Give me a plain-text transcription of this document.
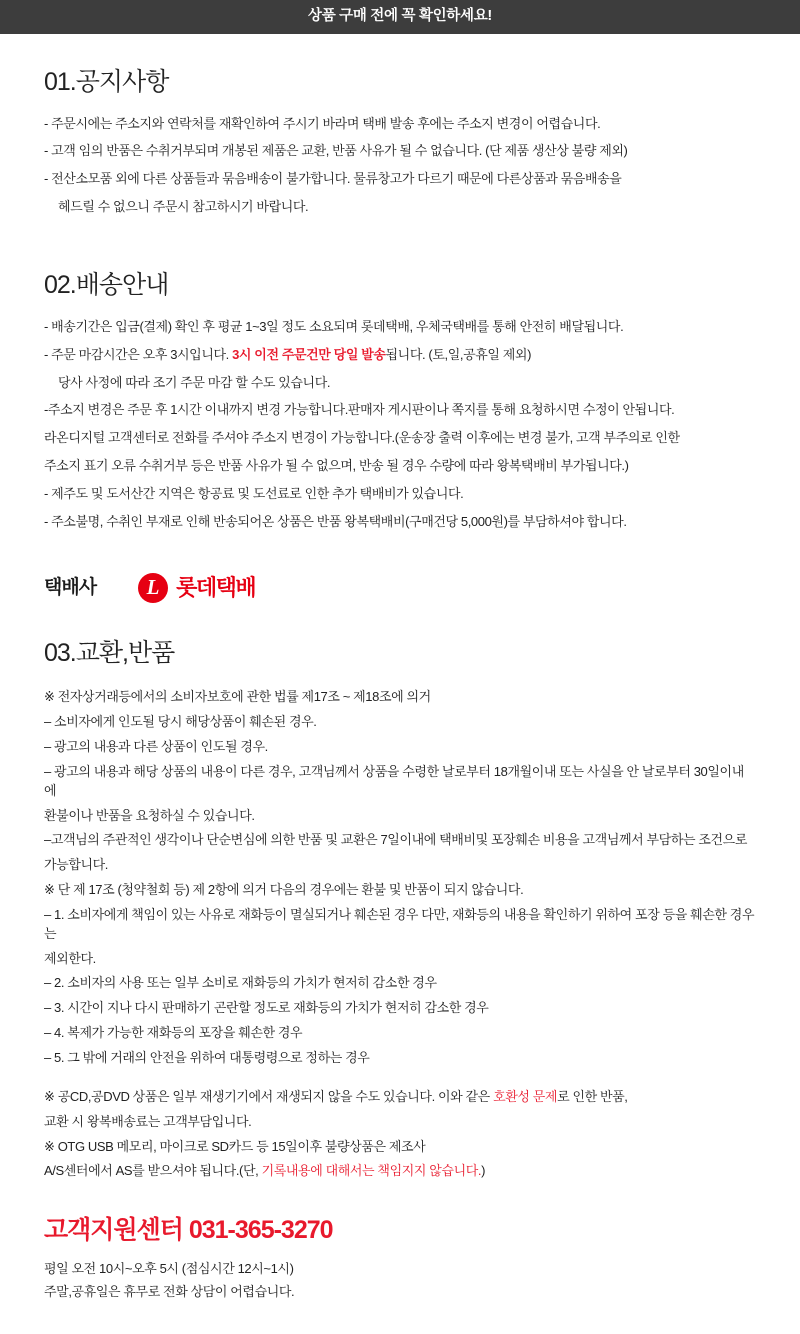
상품 구매 전에 꼭 확인하세요!
01.공지사항

- 주문시에는 주소지와 연락처를 재확인하여 주시기 바라며 택배 발송 후에는 주소지 변경이 어렵습니다.

- 고객 임의 반품은 수취거부되며 개봉된 제품은 교환, 반품 사유가 될 수 없습니다. (단 제품 생산상 불량 제외)

- 전산소모품 외에 다른 상품들과 묶음배송이 불가합니다. 물류창고가 다르기 때문에 다른상품과 묶음배송을

헤드릴 수 없으니 주문시 참고하시기 바랍니다.

02.배송안내

- 배송기간은 입금(결제) 확인 후 평균 1~3일 정도 소요되며 롯데택배, 우체국택배를 통해 안전히 배달됩니다.

- 주문 마감시간은 오후 3시입니다. 3시 이전 주문건만 당일 발송됩니다. (토,일,공휴일 제외)

당사 사정에 따라 조기 주문 마감 할 수도 있습니다.

-주소지 변경은 주문 후 1시간 이내까지 변경 가능합니다.판매자 게시판이나 쪽지를 통해 요청하시면 수정이 안됩니다.

라온디지털 고객센터로 전화를 주셔야 주소지 변경이 가능합니다.(운송장 출력 이후에는 변경 불가, 고객 부주의로 인한

주소지 표기 오류 수취거부 등은 반품 사유가 될 수 없으며, 반송 될 경우 수량에 따라 왕복택배비 부가됩니다.)

- 제주도 및 도서산간 지역은 항공료 및 도선료로 인한 추가 택배비가 있습니다.

- 주소불명, 수취인 부재로 인해 반송되어온 상품은 반품 왕복택배비(구매건당 5,000원)를 부담하셔야 합니다.

택배사	L 롯데택배
03.교환,반품

※ 전자상거래등에서의 소비자보호에 관한 법률 제17조 ~ 제18조에 의거

– 소비자에게 인도될 당시 해당상품이 훼손된 경우.

– 광고의 내용과 다른 상품이 인도될 경우.

– 광고의 내용과 해당 상품의 내용이 다른 경우, 고객님께서 상품을 수령한 날로부터 18개월이내 또는 사실을 안 날로부터 30일이내에

환불이나 반품을 요청하실 수 있습니다.

–고객님의 주관적인 생각이나 단순변심에 의한 반품 및 교환은 7일이내에 택배비및 포장훼손 비용을 고객님께서 부담하는 조건으로

가능합니다.

※ 단 제 17조 (청약철회 등) 제 2항에 의거 다음의 경우에는 환불 및 반품이 되지 않습니다.

– 1. 소비자에게 책임이 있는 사유로 재화등이 멸실되거나 훼손된 경우 다만, 재화등의 내용을 확인하기 위하여 포장 등을 훼손한 경우는

제외한다.

– 2. 소비자의 사용 또는 일부 소비로 재화등의 가치가 현저히 감소한 경우

– 3. 시간이 지나 다시 판매하기 곤란할 정도로 재화등의 가치가 현저히 감소한 경우

– 4. 복제가 가능한 재화등의 포장을 훼손한 경우

– 5. 그 밖에 거래의 안전을 위하여 대통령령으로 정하는 경우

※ 공CD,공DVD 상품은 일부 재생기기에서 재생되지 않을 수도 있습니다. 이와 같은 호환성 문제로 인한 반품,

교환 시 왕복배송료는 고객부담입니다.

※ OTG USB 메모리, 마이크로 SD카드 등 15일이후 불량상품은 제조사

A/S센터에서 AS를 받으셔야 됩니다.(단, 기록내용에 대해서는 책임지지 않습니다.)

고객지원센터 031-365-3270

평일 오전 10시~오후 5시 (점심시간 12시~1시)

주말,공휴일은 휴무로 전화 상담이 어렵습니다.
